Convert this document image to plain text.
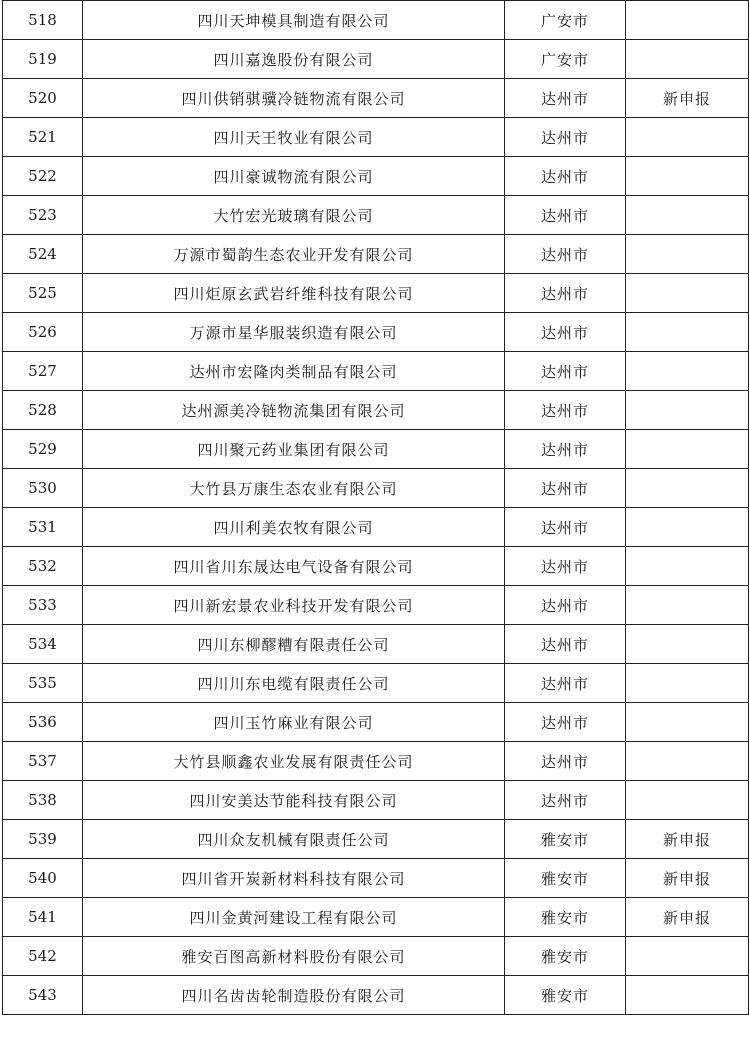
518	四川天坤模具制造有限公司	广安市	
519	四川嘉逸股份有限公司	广安市	
520	四川供销骐骥冷链物流有限公司	达州市	新申报
521	四川天王牧业有限公司	达州市	
522	四川豪诚物流有限公司	达州市	
523	大竹宏光玻璃有限公司	达州市	
524	万源市蜀韵生态农业开发有限公司	达州市	
525	四川炬原玄武岩纤维科技有限公司	达州市	
526	万源市星华服装织造有限公司	达州市	
527	达州市宏隆肉类制品有限公司	达州市	
528	达州源美冷链物流集团有限公司	达州市	
529	四川聚元药业集团有限公司	达州市	
530	大竹县万康生态农业有限公司	达州市	
531	四川利美农牧有限公司	达州市	
532	四川省川东晟达电气设备有限公司	达州市	
533	四川新宏景农业科技开发有限公司	达州市	
534	四川东柳醪糟有限责任公司	达州市	
535	四川川东电缆有限责任公司	达州市	
536	四川玉竹麻业有限公司	达州市	
537	大竹县顺鑫农业发展有限责任公司	达州市	
538	四川安美达节能科技有限公司	达州市	
539	四川众友机械有限责任公司	雅安市	新申报
540	四川省开炭新材料科技有限公司	雅安市	新申报
541	四川金黄河建设工程有限公司	雅安市	新申报
542	雅安百图高新材料股份有限公司	雅安市	
543	四川名齿齿轮制造股份有限公司	雅安市	
